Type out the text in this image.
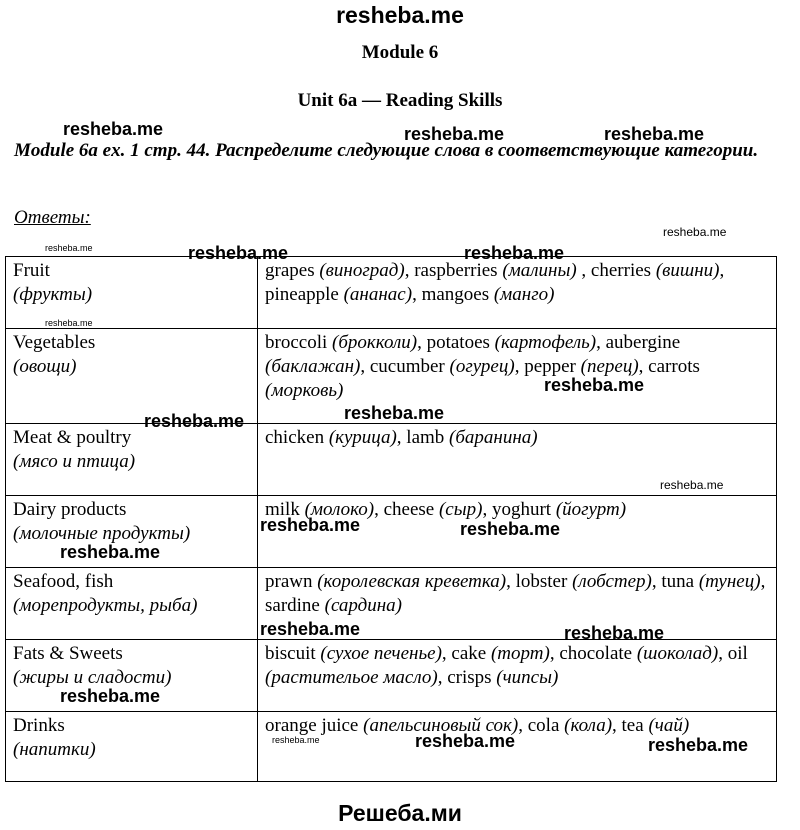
resheba.me
Module 6
Unit 6a — Reading Skills
Module 6a ex. 1 стр. 44. Распределите следующие слова в соответствующие категории.
Ответы:
Fruit
(фрукты)	grapes (виноград), raspberries (малины) , cherries (вишни), pineapple (ананас), mangoes (манго)

Vegetables
(овощи)	broccoli (брокколи), potatoes (картофель), aubergine (баклажан), cucumber (огурец), pepper (перец), carrots (морковь)

Meat & poultry
(мясо и птица)	chicken (курица), lamb (баранина)

Dairy products
(молочные продукты)	milk (молоко), cheese (сыр), yoghurt (йогурт)

Seafood, fish
(морепродукты, рыба)	prawn (королевская креветка), lobster (лобстер), tuna (тунец), sardine (сардина)

Fats & Sweets
(жиры и сладости)	biscuit (сухое печенье), cake (торт), chocolate (шоколад), oil (растительое масло), crisps (чипсы)

Drinks
(напитки)	orange juice (апельсиновый сок), cola (кола), tea (чай)
resheba.me	resheba.me	resheba.me
resheba.me
resheba.me	resheba.me	resheba.me
resheba.me
resheba.me
resheba.me
resheba.me
resheba.me
resheba.me	resheba.me
resheba.me
resheba.me	resheba.me
resheba.me
resheba.me	resheba.me	resheba.me
Решеба.ми
